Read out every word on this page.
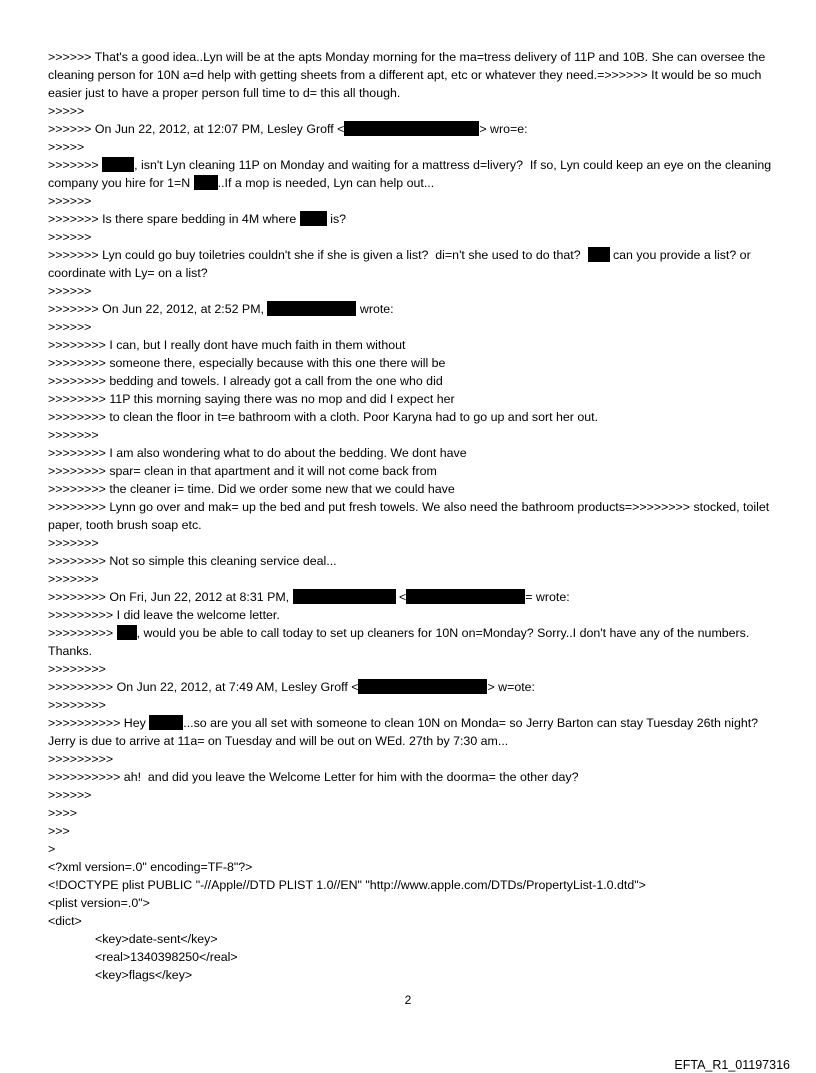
>>>>>> That's a good idea..Lyn will be at the apts Monday morning for the ma=tress delivery of 11P and 10B. She can oversee the cleaning person for 10N a=d help with getting sheets from a different apt, etc or whatever they need.=>>>>>> It would be so much easier just to have a proper person full time to d= this all though.
>>>>>
>>>>>> On Jun 22, 2012, at 12:07 PM, Lesley Groff <	> wro=e:
>>>>>
>>>>>>>	, isn't Lyn cleaning 11P on Monday and waiting for a mattress d=livery?  If so, Lyn could keep an eye on the cleaning company you hire for 1=N ..If a mop is needed, Lyn can help out...
>>>>>>
>>>>>>> Is there spare bedding in 4M where  is?
>>>>>>
>>>>>>> Lyn could go buy toiletries couldn't she if she is given a list?  di=n't she used to do that?   can you provide a list? or coordinate with Ly= on a list?
>>>>>>
>>>>>>> On Jun 22, 2012, at 2:52 PM,	wrote:
>>>>>>
>>>>>>>> I can, but I really dont have much faith in them without
>>>>>>>> someone there, especially because with this one there will be
>>>>>>>> bedding and towels. I already got a call from the one who did
>>>>>>>> 11P this morning saying there was no mop and did I expect her
>>>>>>>> to clean the floor in t=e bathroom with a cloth. Poor Karyna had to go up and sort her out.
>>>>>>>
>>>>>>>> I am also wondering what to do about the bedding. We dont have
>>>>>>>> spar= clean in that apartment and it will not come back from
>>>>>>>> the cleaner i= time. Did we order some new that we could have
>>>>>>>> Lynn go over and mak= up the bed and put fresh towels. We also need the bathroom products=>>>>>>>> stocked, toilet paper, tooth brush soap etc.
>>>>>>>
>>>>>>>> Not so simple this cleaning service deal...
>>>>>>>
>>>>>>>> On Fri, Jun 22, 2012 at 8:31 PM,	<	= wrote:
>>>>>>>>> I did leave the welcome letter.
>>>>>>>>> , would you be able to call today to set up cleaners for 10N on=Monday? Sorry..I don't have any of the numbers. Thanks.
>>>>>>>>
>>>>>>>>> On Jun 22, 2012, at 7:49 AM, Lesley Groff <	> w=ote:
>>>>>>>>
>>>>>>>>>> Hey	...so are you all set with someone to clean 10N on Monda= so Jerry Barton can stay Tuesday 26th night? Jerry is due to arrive at 11a= on Tuesday and will be out on WEd. 27th by 7:30 am...
>>>>>>>>>
>>>>>>>>>> ah!  and did you leave the Welcome Letter for him with the doorma= the other day?
>>>>>>
>>>>
>>>
>
<?xml version=.0" encoding=TF-8"?>
<!DOCTYPE plist PUBLIC "-//Apple//DTD PLIST 1.0//EN" "http://www.apple.com/DTDs/PropertyList-1.0.dtd">
<plist version=.0">
<dict>
<key>date-sent</key>
<real>1340398250</real>
<key>flags</key>
2
EFTA_R1_01197316
